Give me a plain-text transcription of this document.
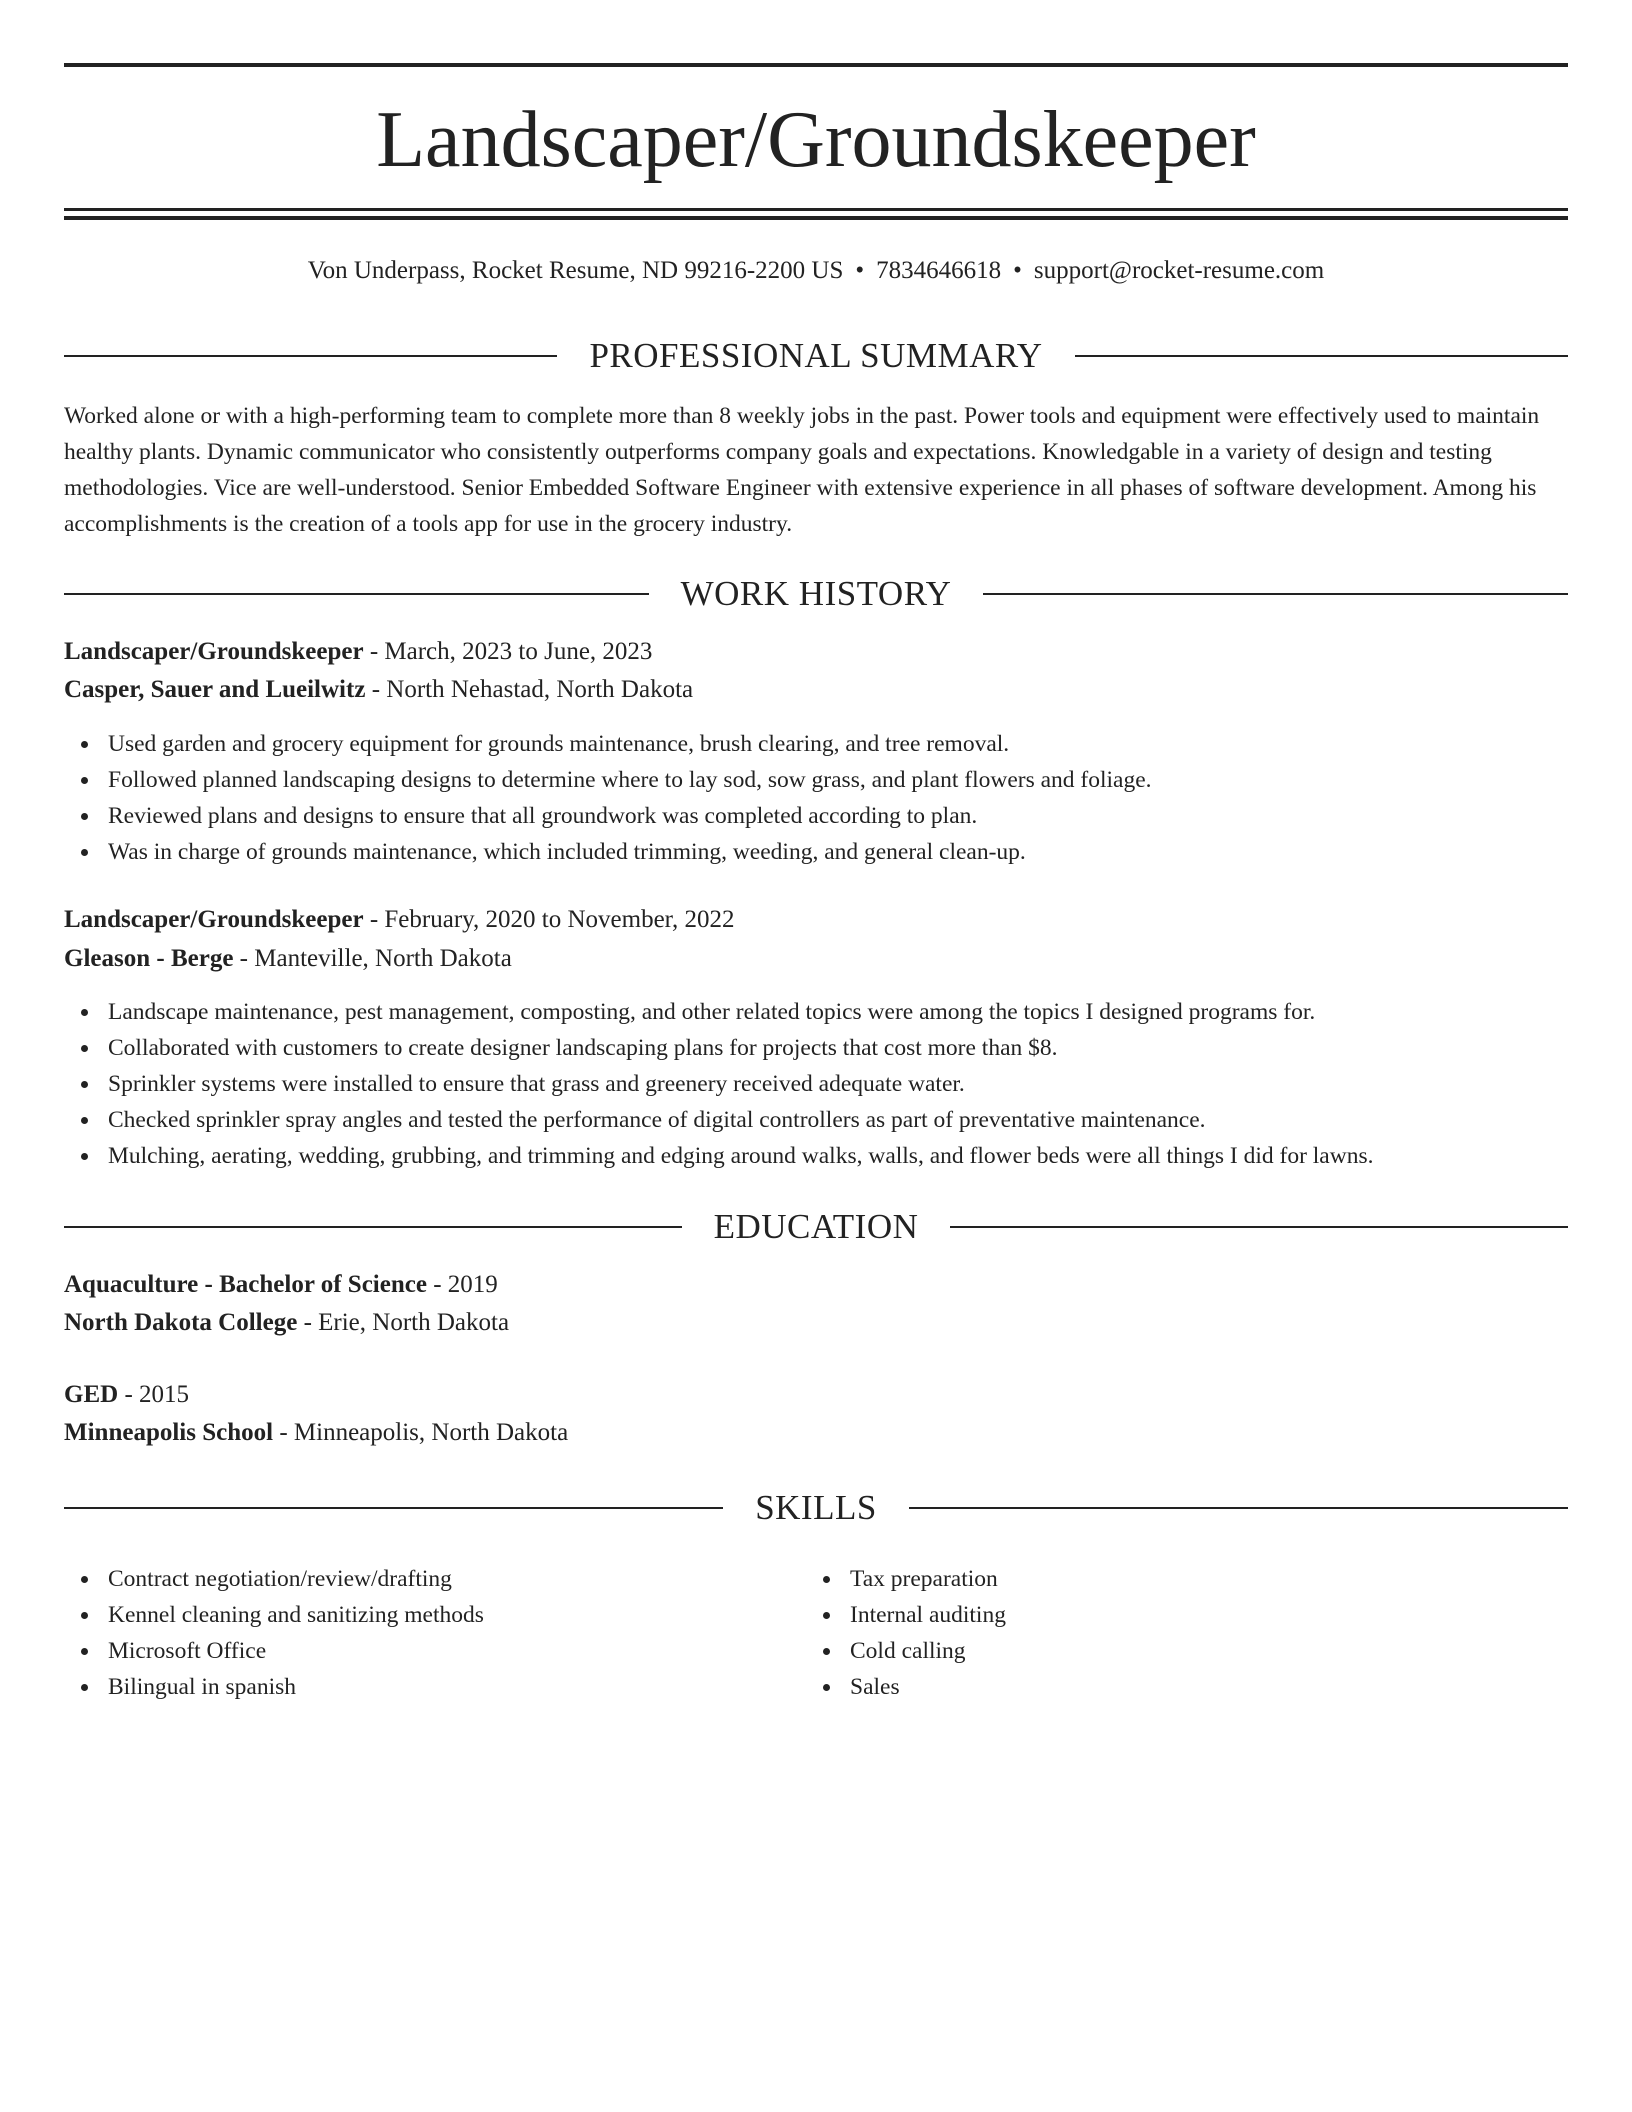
Landscaper/Groundskeeper
Von Underpass, Rocket Resume, ND 99216-2200 US • 7834646618 • support@rocket-resume.com
PROFESSIONAL SUMMARY

Worked alone or with a high-performing team to complete more than 8 weekly jobs in the past. Power tools and equipment were effectively used to maintain healthy plants. Dynamic communicator who consistently outperforms company goals and expectations. Knowledgable in a variety of design and testing methodologies. Vice are well-understood. Senior Embedded Software Engineer with extensive experience in all phases of software development. Among his accomplishments is the creation of a tools app for use in the grocery industry.

WORK HISTORY
Landscaper/Groundskeeper - March, 2023 to June, 2023
Casper, Sauer and Lueilwitz - North Nehastad, North Dakota
Used garden and grocery equipment for grounds maintenance, brush clearing, and tree removal.
Followed planned landscaping designs to determine where to lay sod, sow grass, and plant flowers and foliage.
Reviewed plans and designs to ensure that all groundwork was completed according to plan.
Was in charge of grounds maintenance, which included trimming, weeding, and general clean-up.
Landscaper/Groundskeeper - February, 2020 to November, 2022
Gleason - Berge - Manteville, North Dakota
Landscape maintenance, pest management, composting, and other related topics were among the topics I designed programs for.
Collaborated with customers to create designer landscaping plans for projects that cost more than $8.
Sprinkler systems were installed to ensure that grass and greenery received adequate water.
Checked sprinkler spray angles and tested the performance of digital controllers as part of preventative maintenance.
Mulching, aerating, wedding, grubbing, and trimming and edging around walks, walls, and flower beds were all things I did for lawns.
EDUCATION
Aquaculture - Bachelor of Science - 2019
North Dakota College - Erie, North Dakota
GED - 2015
Minneapolis School - Minneapolis, North Dakota
SKILLS
Contract negotiation/review/drafting
Kennel cleaning and sanitizing methods
Microsoft Office
Bilingual in spanish
Tax preparation
Internal auditing
Cold calling
Sales
